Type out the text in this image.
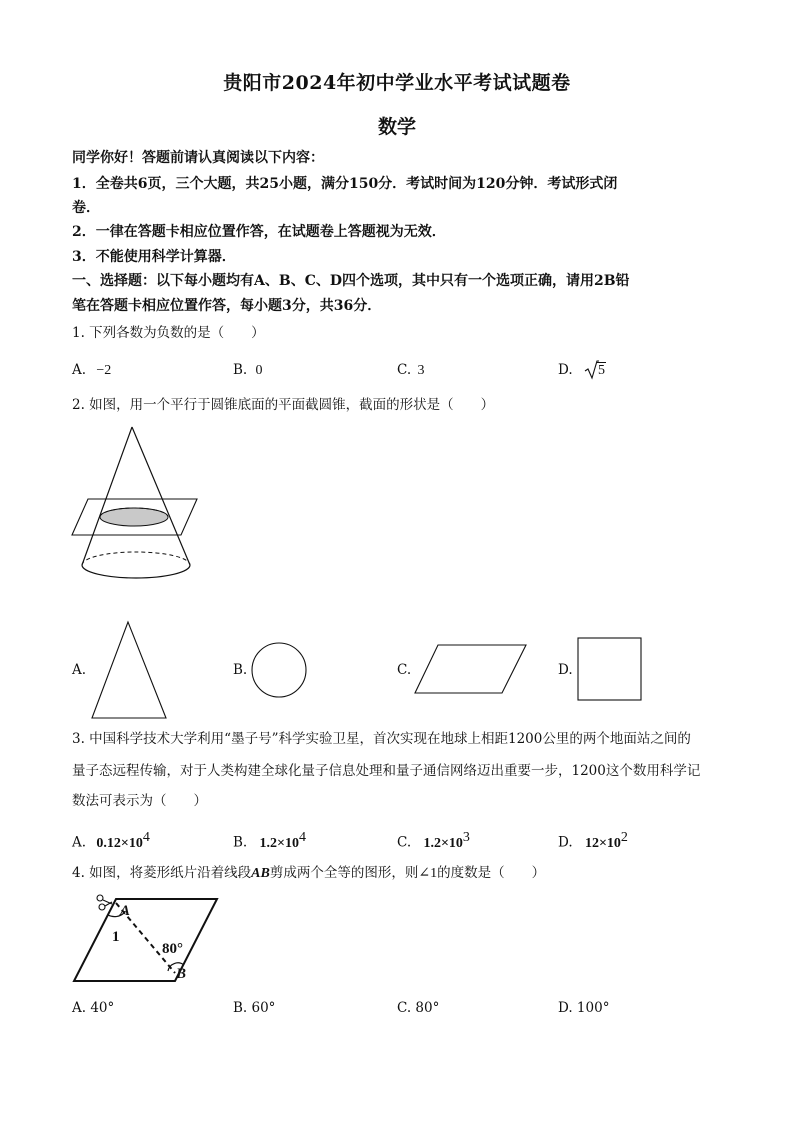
贵阳市2024年初中学业水平考试试题卷
数学
同学你好！答题前请认真阅读以下内容：
1．全卷共6页，三个大题，共25小题，满分150分．考试时间为120分钟．考试形式闭
卷．
2．一律在答题卡相应位置作答，在试题卷上答题视为无效．
3．不能使用科学计算器．
一、选择题：以下每小题均有A、B、C、D四个选项，其中只有一个选项正确，请用2B铅
笔在答题卡相应位置作答，每小题3分，共36分．
1. 下列各数为负数的是（　　）
A. −2	B. 0	C. 3	D. 5
2. 如图，用一个平行于圆锥底面的平面截圆锥，截面的形状是（　　）
A.	B.	C.	D.
3. 中国科学技术大学利用“墨子号”科学实验卫星，首次实现在地球上相距1200公里的两个地面站之间的
量子态远程传输，对于人类构建全球化量子信息处理和量子通信网络迈出重要一步，1200这个数用科学记
数法可表示为（　　）
A. $0.12\times 10^4$	B. $1.2\times 10^4$	C. $1.2\times 10^3$	D. $12\times 10^2$
4. 如图，将菱形纸片沿着线段AB剪成两个全等的图形，则∠1的度数是（　　）
A
B
1
80°
A. 40°	B. 60°	C. 80°	D. 100°
